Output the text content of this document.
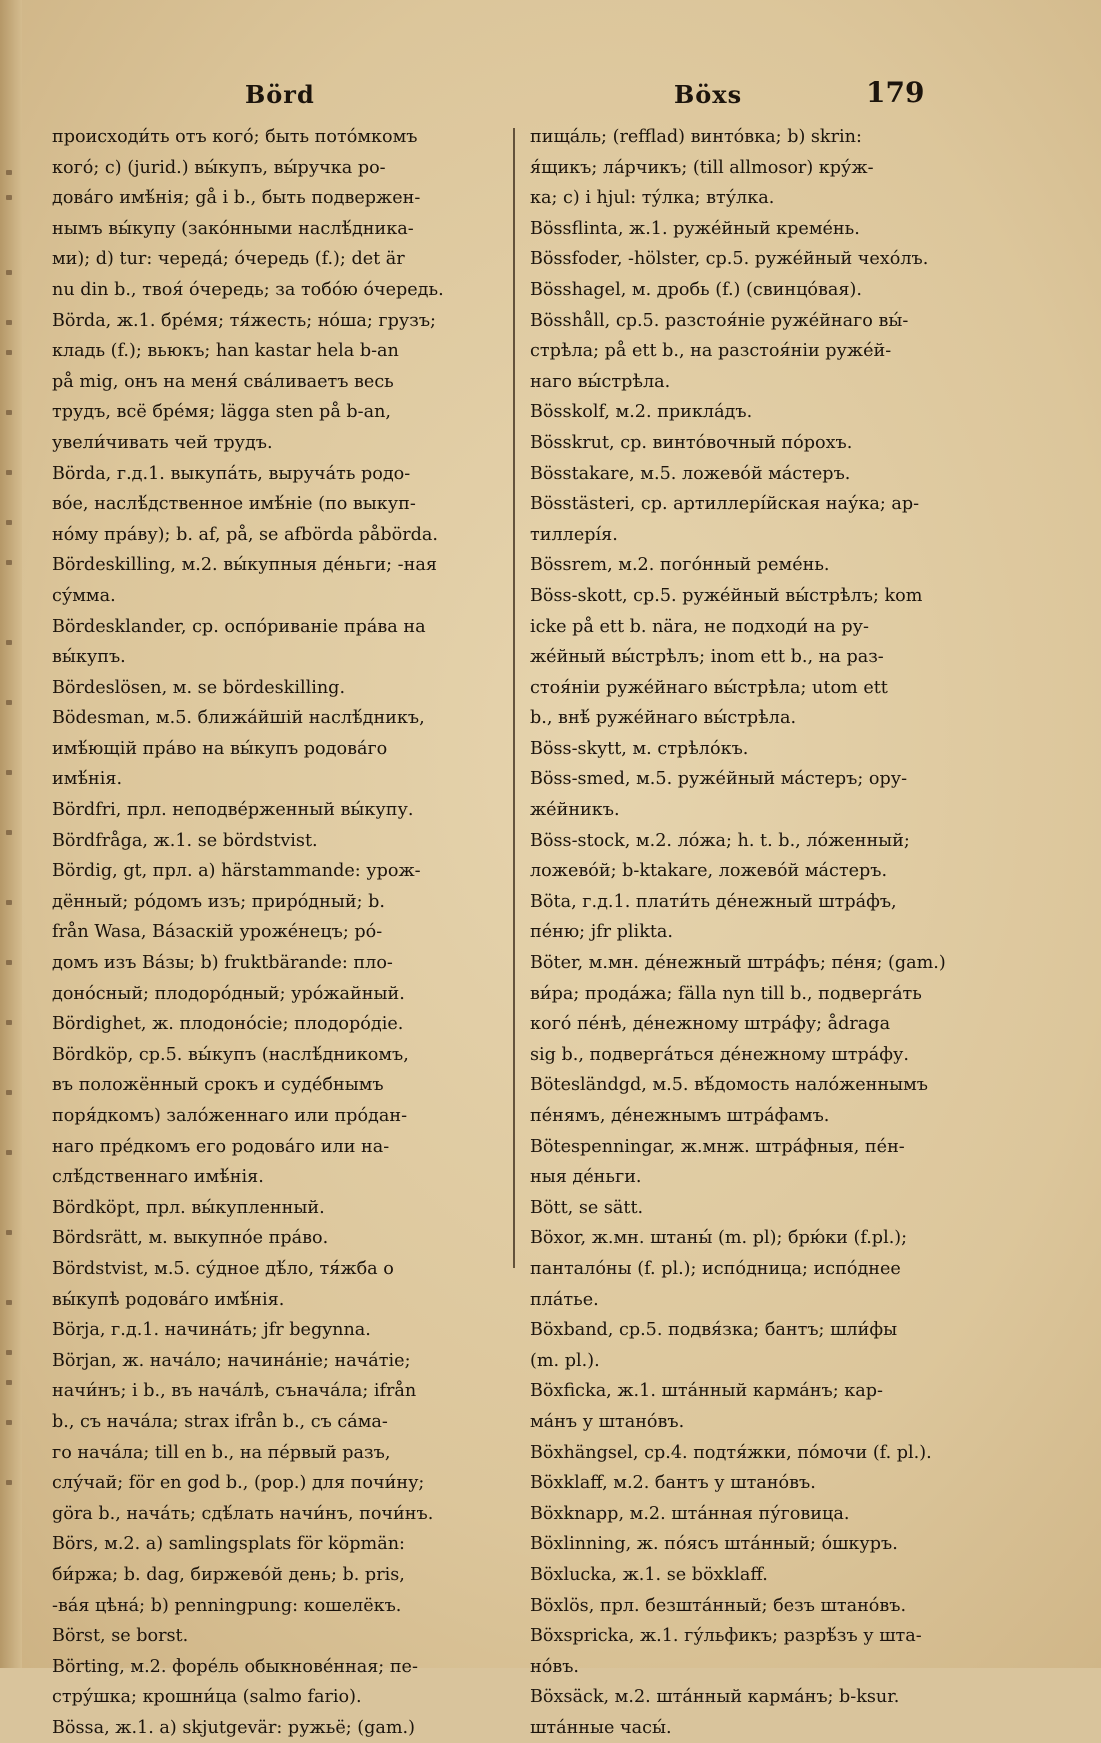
Börd	Böxs	179
происходи́ть отъ кого́; быть пото́мкомъ
кого́; c) (jurid.) вы́купъ, вы́ручка ро-
дова́го имѣ́нія; gå i b., быть подвержен-
нымъ вы́купу (зако́нными наслѣ́дника-
ми); d) tur: череда́; о́чередь (f.); det är
nu din b., твоя́ о́чередь; за тобо́ю о́чередь.
Börda, ж.1. бре́мя; тя́жесть; но́ша; грузъ;
кладь (f.); вьюкъ; han kastar hela b-an
på mig, онъ на меня́ сва́ливаетъ весь
трудъ, всё бре́мя; lägga sten på b-an,
увели́чивать чей трудъ.
Börda, г.д.1. выкупа́ть, выруча́ть родо-
во́е, наслѣ́дственное имѣ́ніе (по выкуп-
но́му пра́ву); b. af, på, se afbörda påbörda.
Bördeskilling, м.2. вы́купныя де́ньги; -ная
су́мма.
Bördesklander, ср. оспо́риваніе пра́ва на
вы́купъ.
Bördeslösen, м. se bördeskilling.
Bödesman, м.5. ближа́йшій наслѣ́дникъ,
имѣ́ющій пра́во на вы́купъ родова́го
имѣ́нія.
Bördfri, прл. неподве́рженный вы́купу.
Bördfråga, ж.1. se bördstvist.
Bördig, gt, прл. a) härstammande: урож-
дённый; ро́домъ изъ; приро́дный; b.
från Wasa, Ва́заскій уроже́нецъ; ро́-
домъ изъ Ва́зы; b) fruktbärande: пло-
доно́сный; плодоро́дный; уро́жайный.
Bördighet, ж. плодоно́сіе; плодоро́діе.
Bördköp, ср.5. вы́купъ (наслѣ́дникомъ,
въ положённый срокъ и суде́бнымъ
поря́дкомъ) зало́женнаго или про́дан-
наго пре́дкомъ его родова́го или на-
слѣ́дственнаго имѣ́нія.
Bördköpt, прл. вы́купленный.
Bördsrätt, м. выкупно́е пра́во.
Bördstvist, м.5. су́дное дѣ́ло, тя́жба о
вы́купѣ родова́го имѣ́нія.
Börja, г.д.1. начина́ть; jfr begynna.
Början, ж. нача́ло; начина́ніе; нача́тіе;
начи́нъ; i b., въ нача́лѣ, сънача́ла; ifrån
b., съ нача́ла; strax ifrån b., съ са́ма-
го нача́ла; till en b., на пе́рвый разъ,
слу́чай; för en god b., (pop.) для почи́ну;
göra b., нача́ть; сдѣ́лать начи́нъ, почи́нъ.
Börs, м.2. a) samlingsplats för köpmän:
би́ржа; b. dag, биржево́й день; b. pris,
-ва́я цѣна́; b) penningpung: кошелёкъ.
Börst, se borst.
Börting, м.2. форе́ль обыкнове́нная; пе-
стру́шка; крошни́ца (salmo fario).
Bössa, ж.1. a) skjutgevär: ружьё; (gam.)
пища́ль; (refflad) винто́вка; b) skrin:
я́щикъ; ла́рчикъ; (till allmosor) кру́ж-
ка; c) i hjul: ту́лка; вту́лка.
Bössflinta, ж.1. руже́йный креме́нь.
Bössfoder, -hölster, ср.5. руже́йный чехо́лъ.
Bösshagel, м. дробь (f.) (свинцо́вая).
Bösshåll, ср.5. разстоя́ніе руже́йнаго вы́-
стрѣла; på ett b., на разстоя́ніи руже́й-
наго вы́стрѣла.
Bösskolf, м.2. прикла́дъ.
Bösskrut, ср. винто́вочный по́рохъ.
Bösstakare, м.5. ложево́й ма́стеръ.
Bösstästeri, ср. артиллері́йская нау́ка; ар-
тиллері́я.
Bössrem, м.2. пого́нный реме́нь.
Böss-skott, ср.5. руже́йный вы́стрѣлъ; kom
icke på ett b. nära, не подходи́ на ру-
же́йный вы́стрѣлъ; inom ett b., на раз-
стоя́ніи руже́йнаго вы́стрѣла; utom ett
b., внѣ́ руже́йнаго вы́стрѣла.
Böss-skytt, м. стрѣло́къ.
Böss-smed, м.5. руже́йный ма́стеръ; ору-
же́йникъ.
Böss-stock, м.2. ло́жа; h. t. b., ло́женный;
ложево́й; b-ktakare, ложево́й ма́стеръ.
Böta, г.д.1. плати́ть де́нежный штра́фъ,
пе́ню; jfr plikta.
Böter, м.мн. де́нежный штра́фъ; пе́ня; (gam.)
ви́ра; прода́жа; fälla nyn till b., подверга́ть
кого́ пе́нѣ, де́нежному штра́фу; ådraga
sig b., подверга́ться де́нежному штра́фу.
Bötesländgd, м.5. вѣ́домость нало́женнымъ
пе́нямъ, де́нежнымъ штра́фамъ.
Bötespenningar, ж.мнж. штра́фныя, пе́н-
ныя де́ньги.
Bött, se sätt.
Böxor, ж.мн. штаны́ (m. pl); брю́ки (f.pl.);
пантало́ны (f. pl.); испо́дница; испо́днее
пла́тье.
Böxband, ср.5. подвя́зка; бантъ; шли́фы
(m. pl.).
Böxficka, ж.1. шта́нный карма́нъ; кар-
ма́нъ у штано́въ.
Böxhängsel, ср.4. подтя́жки, по́мочи (f. pl.).
Böxklaff, м.2. бантъ у штано́въ.
Böxknapp, м.2. шта́нная пу́говица.
Böxlinning, ж. по́ясъ шта́нный; о́шкуръ.
Böxlucka, ж.1. se böxklaff.
Böxlös, прл. безшта́нный; безъ штано́въ.
Böxspricka, ж.1. гу́льфикъ; разрѣ́зъ у шта-
но́въ.
Böxsäck, м.2. шта́нный карма́нъ; b-ksur.
шта́нные часы́.
